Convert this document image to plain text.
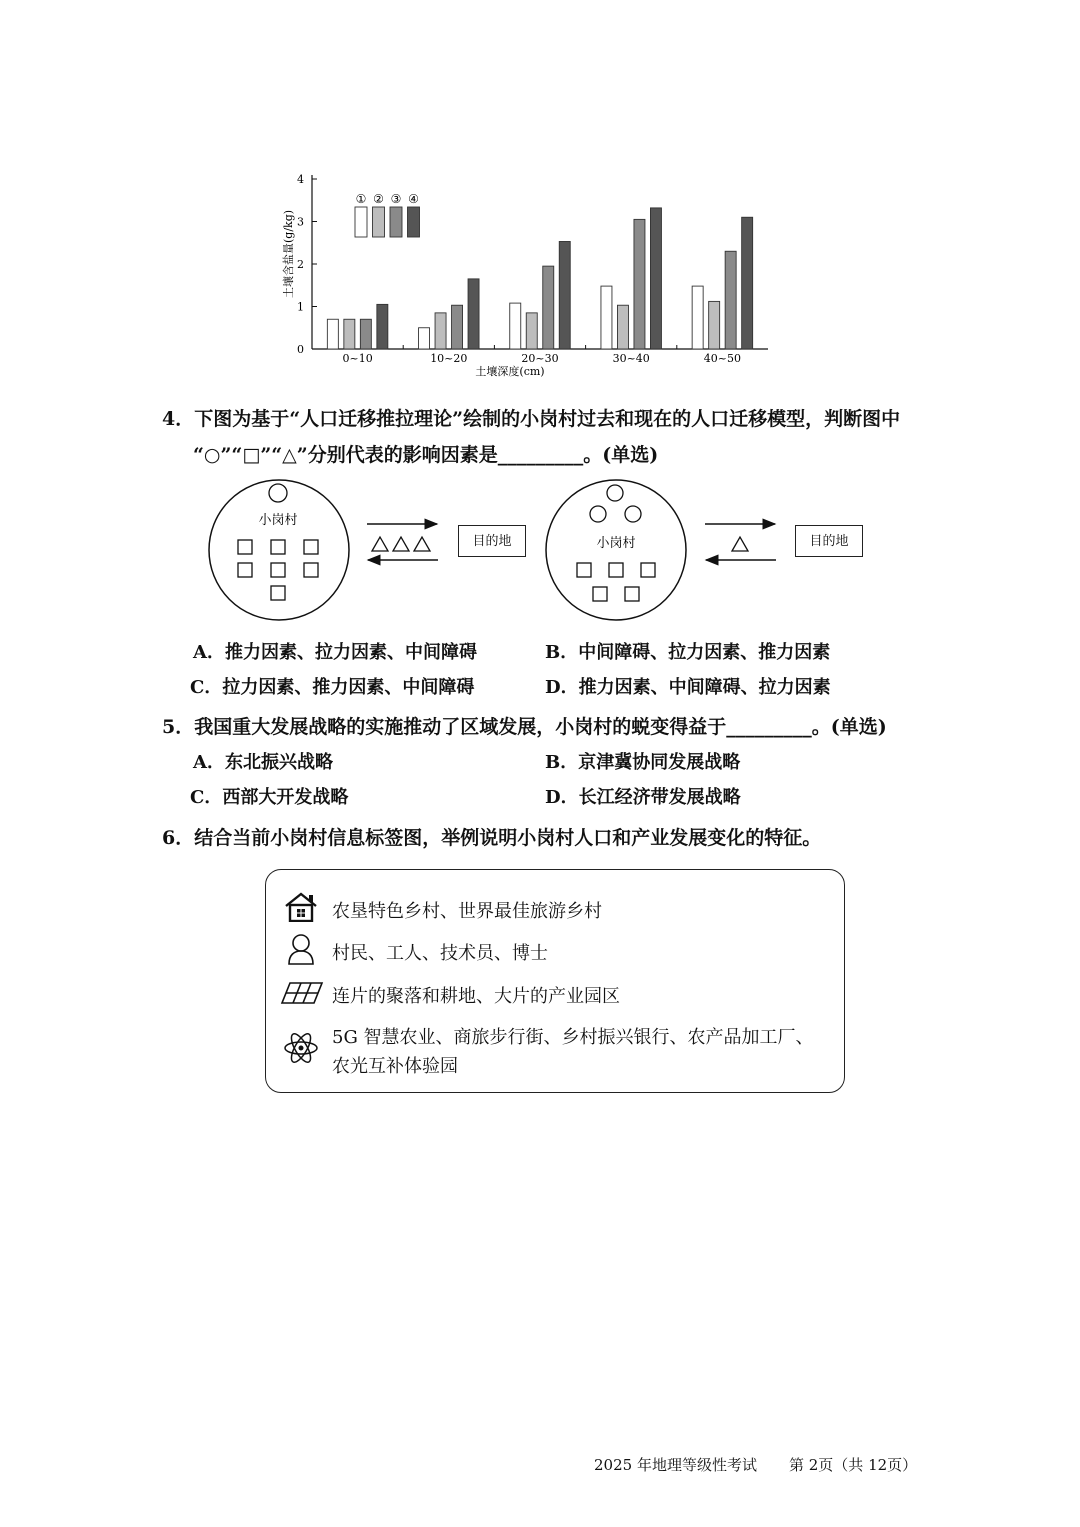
0
1
2
3
4
土壤含盐量(g/kg)
0~10	10~20	20~30	30~40	40~50
土壤深度(cm)
① ② ③ ④
4．下图为基于“人口迁移推拉理论”绘制的小岗村过去和现在的人口迁移模型，判断图中
“○”“□”“△”分别代表的影响因素是_________。(单选)
小岗村
小岗村
目的地	目的地
A．推力因素、拉力因素、中间障碍	B．中间障碍、拉力因素、推力因素
C．拉力因素、推力因素、中间障碍	D．推力因素、中间障碍、拉力因素
5．我国重大发展战略的实施推动了区域发展，小岗村的蜕变得益于_________。(单选)
A．东北振兴战略	B．京津冀协同发展战略
C．西部大开发战略	D．长江经济带发展战略
6．结合当前小岗村信息标签图，举例说明小岗村人口和产业发展变化的特征。
农垦特色乡村、世界最佳旅游乡村
村民、工人、技术员、博士
连片的聚落和耕地、大片的产业园区
5G 智慧农业、商旅步行街、乡村振兴银行、农产品加工厂、
农光互补体验园
2025 年地理等级性考试 第 2页（共 12页）
